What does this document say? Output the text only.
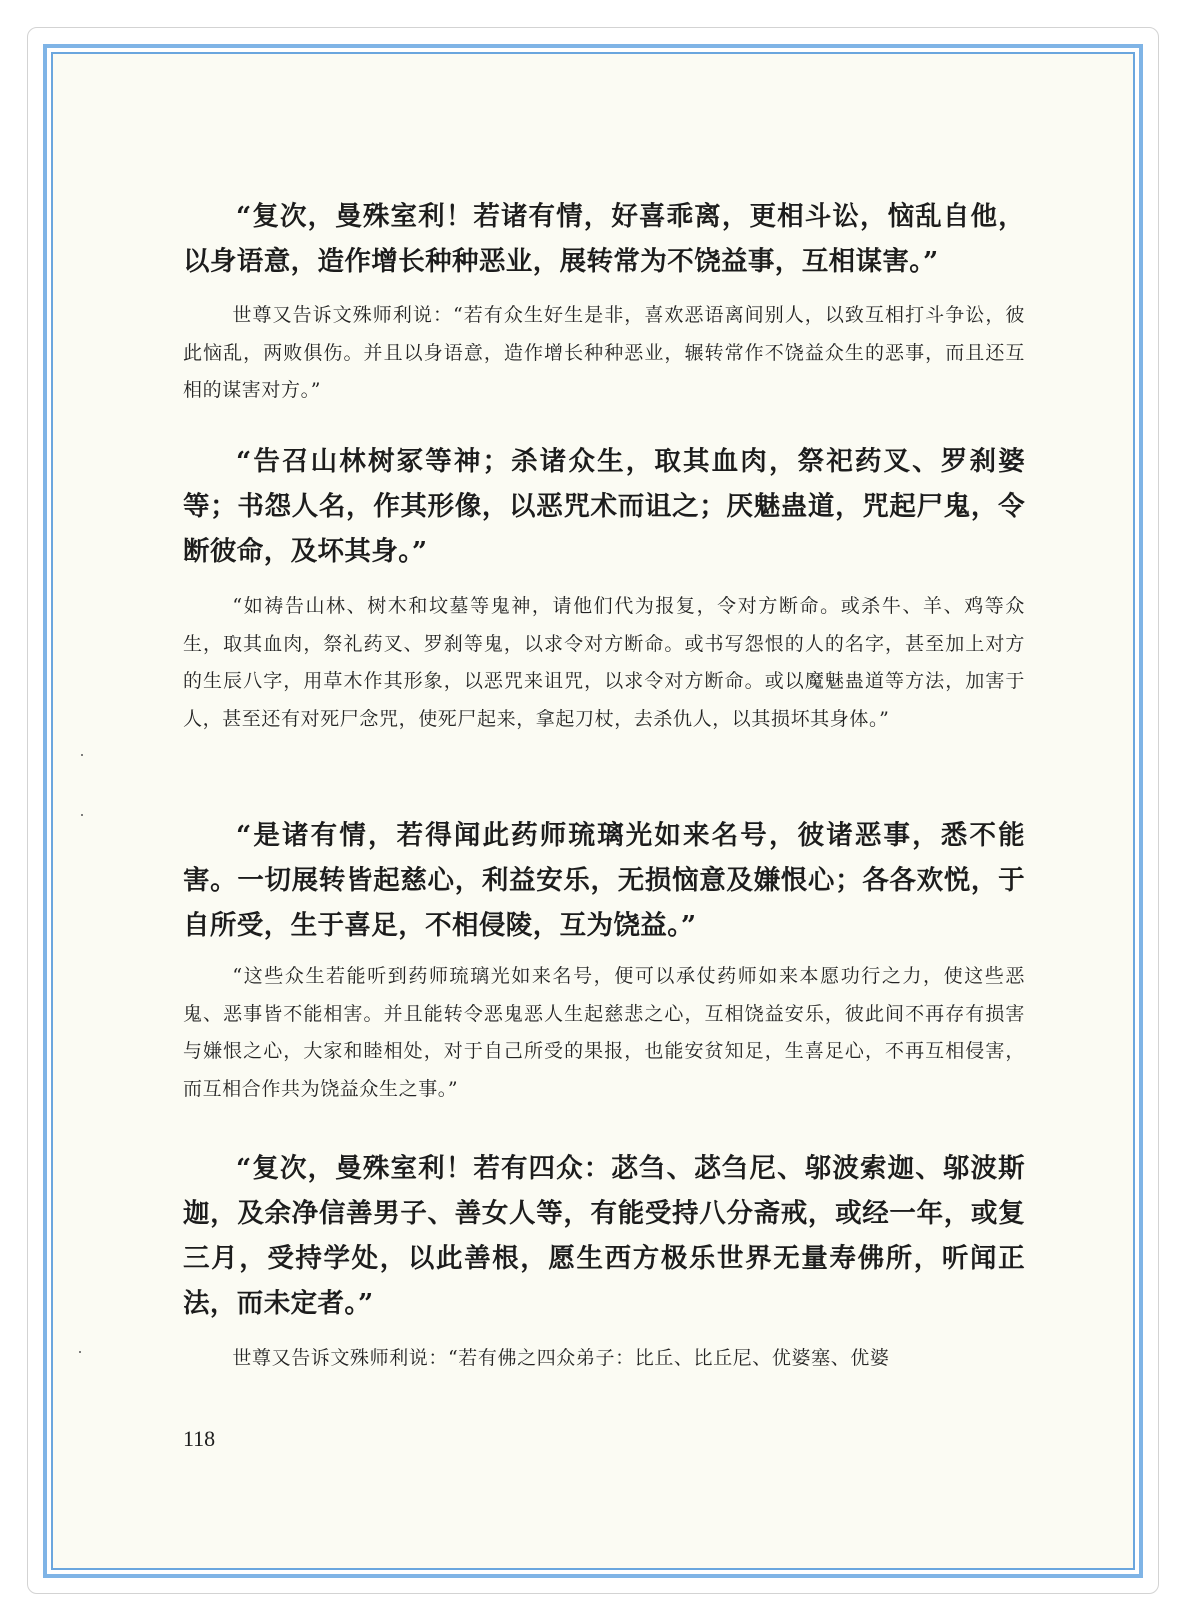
“复次，曼殊室利！若诸有情，好喜乖离，更相斗讼，恼乱自他，以身语意，造作增长种种恶业，展转常为不饶益事，互相谋害。”

世尊又告诉文殊师利说：“若有众生好生是非，喜欢恶语离间别人，以致互相打斗争讼，彼此恼乱，两败俱伤。并且以身语意，造作增长种种恶业，辗转常作不饶益众生的恶事，而且还互相的谋害对方。”

“告召山林树冢等神；杀诸众生，取其血肉，祭祀药叉、罗刹婆等；书怨人名，作其形像，以恶咒术而诅之；厌魅蛊道，咒起尸鬼，令断彼命，及坏其身。”

“如祷告山林、树木和坟墓等鬼神，请他们代为报复，令对方断命。或杀牛、羊、鸡等众生，取其血肉，祭礼药叉、罗刹等鬼，以求令对方断命。或书写怨恨的人的名字，甚至加上对方的生辰八字，用草木作其形象，以恶咒来诅咒，以求令对方断命。或以魔魅蛊道等方法，加害于人，甚至还有对死尸念咒，使死尸起来，拿起刀杖，去杀仇人，以其损坏其身体。”

“是诸有情，若得闻此药师琉璃光如来名号，彼诸恶事，悉不能害。一切展转皆起慈心，利益安乐，无损恼意及嫌恨心；各各欢悦，于自所受，生于喜足，不相侵陵，互为饶益。”

“这些众生若能听到药师琉璃光如来名号，便可以承仗药师如来本愿功行之力，使这些恶鬼、恶事皆不能相害。并且能转令恶鬼恶人生起慈悲之心，互相饶益安乐，彼此间不再存有损害与嫌恨之心，大家和睦相处，对于自己所受的果报，也能安贫知足，生喜足心，不再互相侵害，而互相合作共为饶益众生之事。”

“复次，曼殊室利！若有四众：苾刍、苾刍尼、邬波索迦、邬波斯迦，及余净信善男子、善女人等，有能受持八分斋戒，或经一年，或复三月，受持学处，以此善根，愿生西方极乐世界无量寿佛所，听闻正法，而未定者。”

世尊又告诉文殊师利说：“若有佛之四众弟子：比丘、比丘尼、优婆塞、优婆

118
